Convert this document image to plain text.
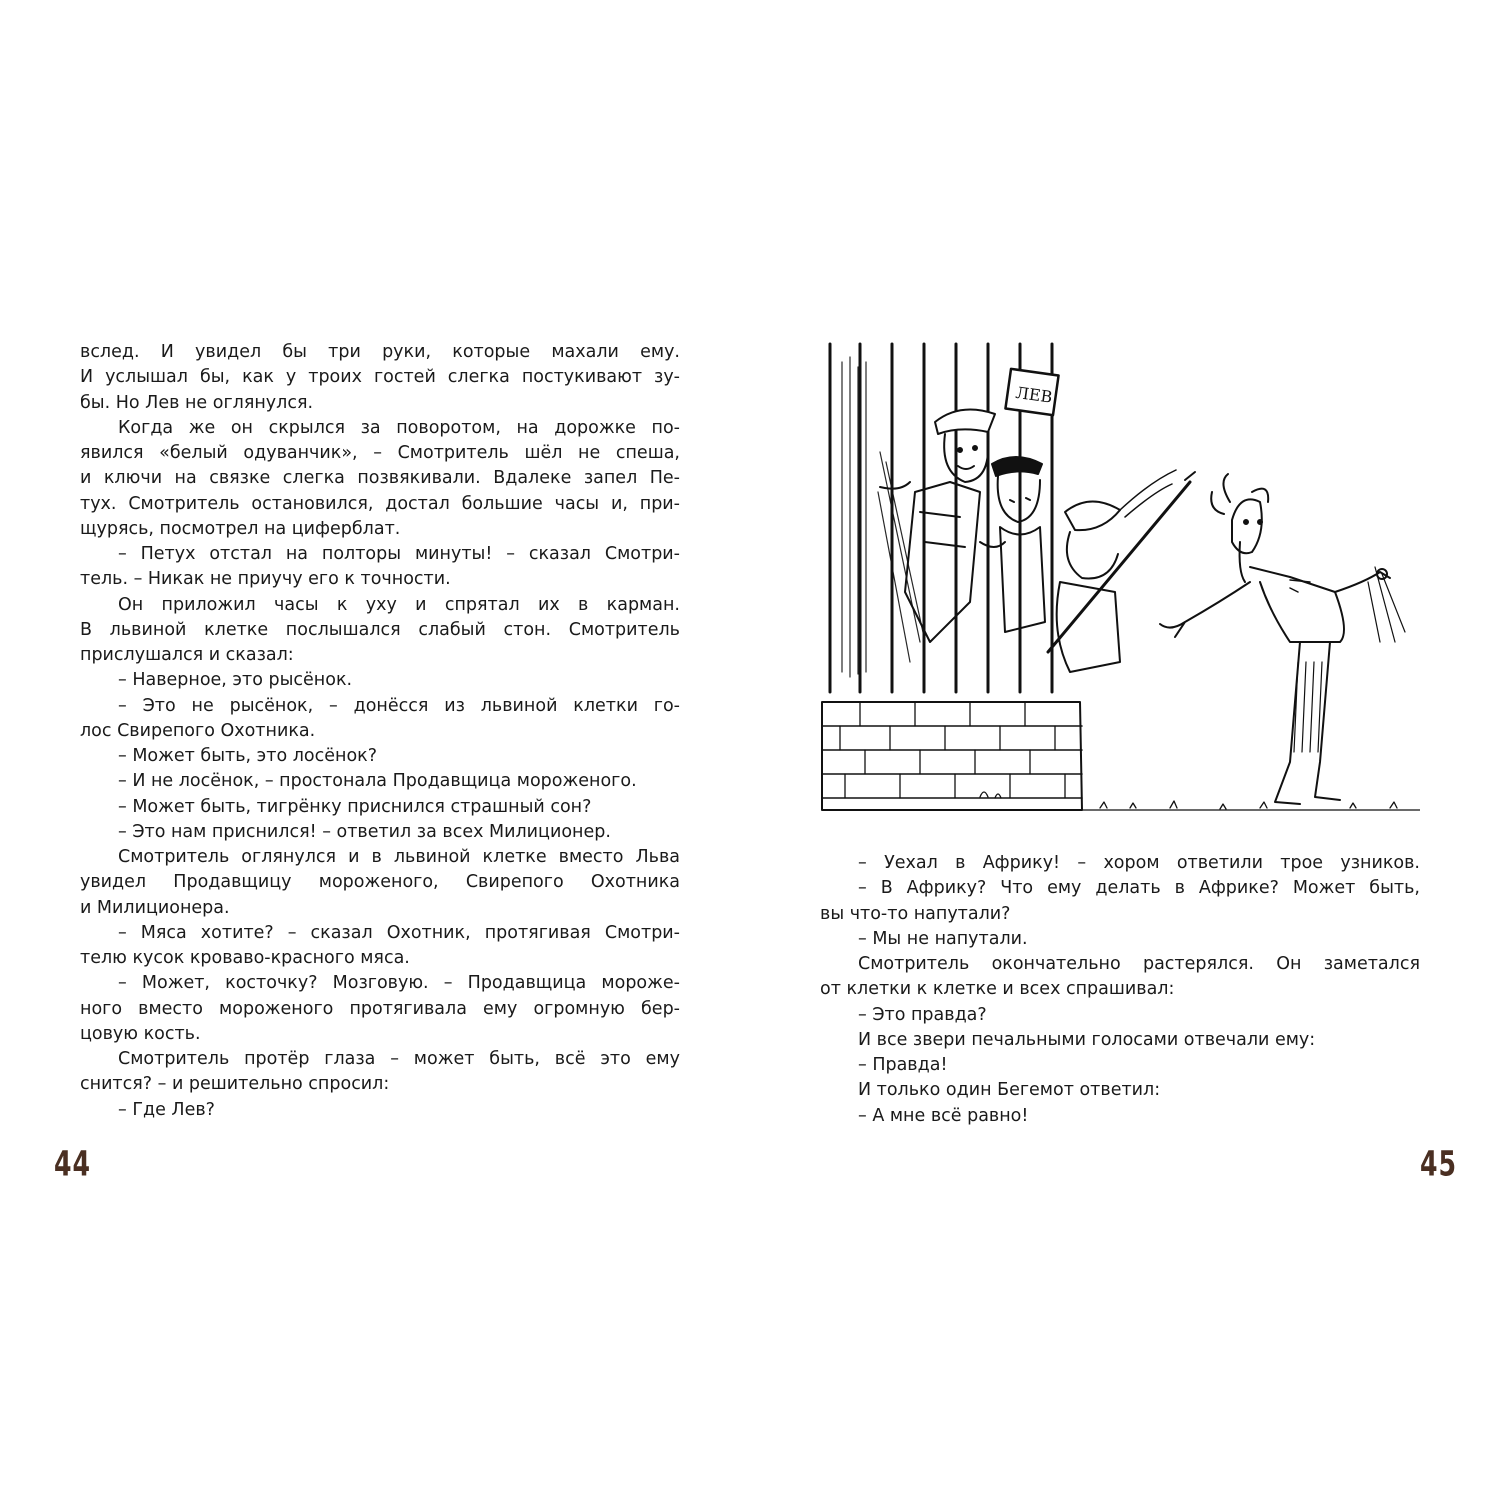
вслед. И увидел бы три руки, которые махали ему.
И услышал бы, как у троих гостей слегка постукивают зу-
бы. Но Лев не оглянулся.
Когда же он скрылся за поворотом, на дорожке по-
явился «белый одуванчик», – Смотритель шёл не спеша,
и ключи на связке слегка позвякивали. Вдалеке запел Пе-
тух. Смотритель остановился, достал большие часы и, при-
щурясь, посмотрел на циферблат.
– Петух отстал на полторы минуты! – сказал Смотри-
тель. – Никак не приучу его к точности.
Он приложил часы к уху и спрятал их в карман.
В львиной клетке послышался слабый стон. Смотритель
прислушался и сказал:
– Наверное, это рысёнок.
– Это не рысёнок, – донёсся из львиной клетки го-
лос Свирепого Охотника.
– Может быть, это лосёнок?
– И не лосёнок, – простонала Продавщица мороженого.
– Может быть, тигрёнку приснился страшный сон?
– Это нам приснился! – ответил за всех Милиционер.
Смотритель оглянулся и в львиной клетке вместо Льва
увидел Продавщицу мороженого, Свирепого Охотника
и Милиционера.
– Мяса хотите? – сказал Охотник, протягивая Смотри-
телю кусок кроваво-красного мяса.
– Может, косточку? Мозговую. – Продавщица мороже-
ного вместо мороженого протягивала ему огромную бер-
цовую кость.
Смотритель протёр глаза – может быть, всё это ему
снится? – и решительно спросил:
– Где Лев?
44
ЛЕВ
– Уехал в Африку! – хором ответили трое узников.
– В Африку? Что ему делать в Африке? Может быть,
вы что-то напутали?
– Мы не напутали.
Смотритель окончательно растерялся. Он заметался
от клетки к клетке и всех спрашивал:
– Это правда?
И все звери печальными голосами отвечали ему:
– Правда!
И только один Бегемот ответил:
– А мне всё равно!
45
